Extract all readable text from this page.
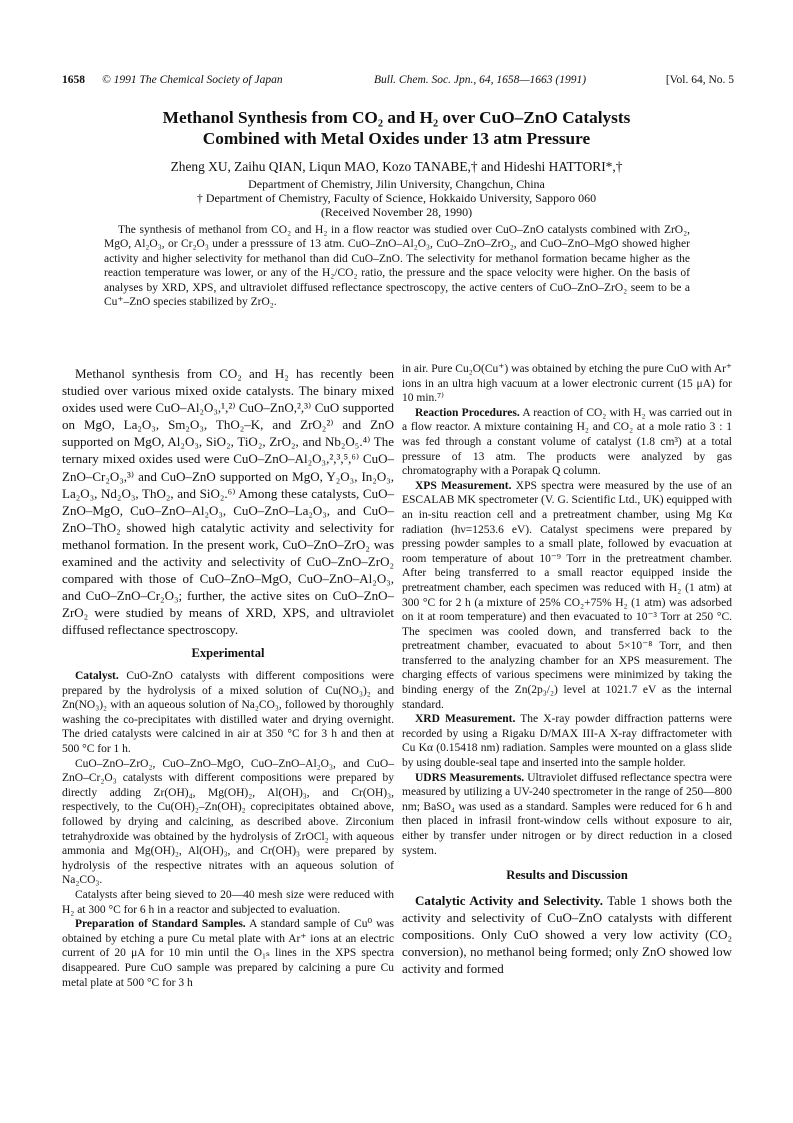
1658 © 1991 The Chemical Society of Japan	Bull. Chem. Soc. Jpn., 64, 1658—1663 (1991)	[Vol. 64, No. 5
Methanol Synthesis from CO₂ and H₂ over CuO–ZnO Catalysts
Combined with Metal Oxides under 13 atm Pressure
Zheng XU, Zaihu QIAN, Liqun MAO, Kozo TANABE,† and Hideshi HATTORI*,†
Department of Chemistry, Jilin University, Changchun, China
† Department of Chemistry, Faculty of Science, Hokkaido University, Sapporo 060
(Received November 28, 1990)

The synthesis of methanol from CO₂ and H₂ in a flow reactor was studied over CuO–ZnO catalysts combined with ZrO₂, MgO, Al₂O₃, or Cr₂O₃ under a presssure of 13 atm. CuO–ZnO–Al₂O₃, CuO–ZnO–ZrO₂, and CuO–ZnO–MgO showed higher activity and higher selectivity for methanol than did CuO–ZnO. The selectivity for methanol formation became higher as the reaction temperature was lower, or any of the H₂/CO₂ ratio, the pressure and the space velocity were higher. On the basis of analyses by XRD, XPS, and ultraviolet diffused reflectance spectroscopy, the active centers of CuO–ZnO–ZrO₂ seem to be a Cu⁺–ZnO species stabilized by ZrO₂.

Methanol synthesis from CO₂ and H₂ has recently been studied over various mixed oxide catalysts. The binary mixed oxides used were CuO–Al₂O₃,¹,²⁾ CuO–ZnO,²,³⁾ CuO supported on MgO, La₂O₃, Sm₂O₃, ThO₂–K, and ZrO₂²⁾ and ZnO supported on MgO, Al₂O₃, SiO₂, TiO₂, ZrO₂, and Nb₂O₅.⁴⁾ The ternary mixed oxides used were CuO–ZnO–Al₂O₃,²,³,⁵,⁶⁾ CuO–ZnO–Cr₂O₃,³⁾ and CuO–ZnO supported on MgO, Y₂O₃, In₂O₃, La₂O₃, Nd₂O₃, ThO₂, and SiO₂.⁶⁾ Among these catalysts, CuO–ZnO–MgO, CuO–ZnO–Al₂O₃, CuO–ZnO–La₂O₃, and CuO–ZnO–ThO₂ showed high catalytic activity and selectivity for methanol formation. In the present work, CuO–ZnO–ZrO₂ was examined and the activity and selectivity of CuO–ZnO–ZrO₂ compared with those of CuO–ZnO–MgO, CuO–ZnO–Al₂O₃, and CuO–ZnO–Cr₂O₃; further, the active sites on CuO–ZnO–ZrO₂ were studied by means of XRD, XPS, and ultraviolet diffused reflectance spectroscopy.

Experimental

Catalyst. CuO-ZnO catalysts with different compositions were prepared by the hydrolysis of a mixed solution of Cu(NO₃)₂ and Zn(NO₃)₂ with an aqueous solution of Na₂CO₃, followed by thoroughly washing the co-precipitates with distilled water and drying overnight. The dried catalysts were calcined in air at 350 °C for 3 h and then at 500 °C for 1 h.

CuO–ZnO–ZrO₂, CuO–ZnO–MgO, CuO–ZnO–Al₂O₃, and CuO–ZnO–Cr₂O₃ catalysts with different compositions were prepared by directly adding Zr(OH)₄, Mg(OH)₂, Al(OH)₃, and Cr(OH)₃, respectively, to the Cu(OH)₂–Zn(OH)₂ coprecipitates obtained above, followed by drying and calcining, as described above. Zirconium tetrahydroxide was obtained by the hydrolysis of ZrOCl₂ with aqueous ammonia and Mg(OH)₂, Al(OH)₃, and Cr(OH)₃ were prepared by hydrolysis of the respective nitrates with an aqueous solution of Na₂CO₃.

Catalysts after being sieved to 20—40 mesh size were reduced with H₂ at 300 °C for 6 h in a reactor and subjected to evaluation.

Preparation of Standard Samples. A standard sample of Cu⁰ was obtained by etching a pure Cu metal plate with Ar⁺ ions at an electric current of 20 μA for 10 min until the O₁ₛ lines in the XPS spectra disappeared. Pure CuO sample was prepared by calcining a pure Cu metal plate at 500 °C for 3 h

in air. Pure Cu₂O(Cu⁺) was obtained by etching the pure CuO with Ar⁺ ions in an ultra high vacuum at a lower electronic current (15 μA) for 10 min.⁷⁾

Reaction Procedures. A reaction of CO₂ with H₂ was carried out in a flow reactor. A mixture containing H₂ and CO₂ at a mole ratio 3 : 1 was fed through a constant volume of catalyst (1.8 cm³) at a total pressure of 13 atm. The products were analyzed by gas chromatography with a Porapak Q column.

XPS Measurement. XPS spectra were measured by the use of an ESCALAB MK spectrometer (V. G. Scientific Ltd., UK) equipped with an in-situ reaction cell and a pretreatment chamber, using Mg Kα radiation (hν=1253.6 eV). Catalyst specimens were prepared by pressing powder samples to a small plate, followed by evacuation at room temperature of about 10⁻⁹ Torr in the pretreatment chamber. After being transferred to a small reactor equipped inside the pretreatment chamber, each specimen was reduced with H₂ (1 atm) at 300 °C for 2 h (a mixture of 25% CO₂+75% H₂ (1 atm) was adsorbed on it at room temperature) and then evacuated to 10⁻³ Torr at 250 °C. The specimen was cooled down, and transferred back to the pretreatment chamber, evacuated to about 5×10⁻⁸ Torr, and then transferred to the analyzing chamber for an XPS measurement. The charging effects of various specimens were minimized by taking the binding energy of the Zn(2p₃/₂) level at 1021.7 eV as the internal standard.

XRD Measurement. The X-ray powder diffraction patterns were recorded by using a Rigaku D/MAX III-A X-ray diffractometer with Cu Kα (0.15418 nm) radiation. Samples were mounted on a glass slide by using double-seal tape and inserted into the sample holder.

UDRS Measurements. Ultraviolet diffused reflectance spectra were measured by utilizing a UV-240 spectrometer in the range of 250—800 nm; BaSO₄ was used as a standard. Samples were reduced for 6 h and then placed in infrasil front-window cells without exposure to air, either by transfer under nitrogen or by direct reduction in a closed system.

Results and Discussion

Catalytic Activity and Selectivity. Table 1 shows both the activity and selectivity of CuO–ZnO catalysts with different compositions. Only CuO showed a very low activity (CO₂ conversion), no methanol being formed; only ZnO showed low activity and formed
